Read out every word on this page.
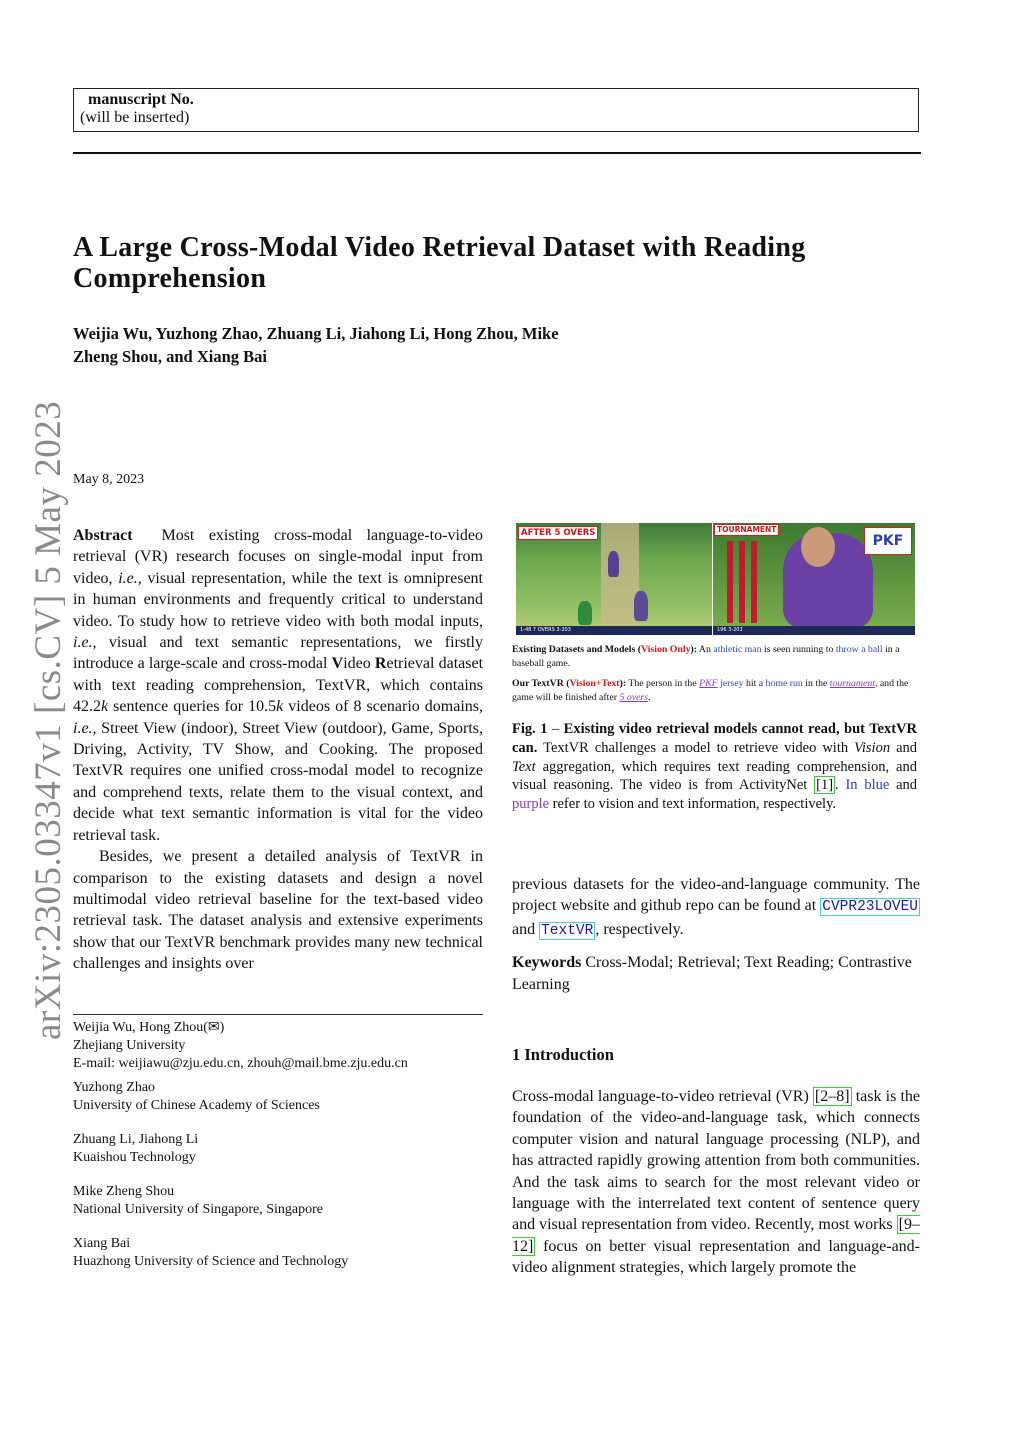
manuscript No.
(will be inserted)
A Large Cross-Modal Video Retrieval Dataset with Reading Comprehension
Weijia Wu, Yuzhong Zhao, Zhuang Li, Jiahong Li, Hong Zhou, Mike
Zheng Shou, and Xiang Bai
arXiv:2305.03347v1 [cs.CV] 5 May 2023 May 8, 2023

Abstract Most existing cross-modal language-to-video retrieval (VR) research focuses on single-modal input from video, i.e., visual representation, while the text is omnipresent in human environments and frequently critical to understand video. To study how to retrieve video with both modal inputs, i.e., visual and text semantic representations, we firstly introduce a large-scale and cross-modal Video Retrieval dataset with text reading comprehension, TextVR, which contains 42.2k sentence queries for 10.5k videos of 8 scenario domains, i.e., Street View (indoor), Street View (outdoor), Game, Sports, Driving, Activity, TV Show, and Cooking. The proposed TextVR requires one unified cross-modal model to recognize and comprehend texts, relate them to the visual context, and decide what text semantic information is vital for the video retrieval task.

Besides, we present a detailed analysis of TextVR in comparison to the existing datasets and design a novel multimodal video retrieval baseline for the text-based video retrieval task. The dataset analysis and extensive experiments show that our TextVR benchmark provides many new technical challenges and insights over

Weijia Wu, Hong Zhou(✉)
Zhejiang University
E-mail: weijiawu@zju.edu.cn, zhouh@mail.bme.zju.edu.cn
Yuzhong Zhao
University of Chinese Academy of Sciences
Zhuang Li, Jiahong Li
Kuaishou Technology
Mike Zheng Shou
National University of Singapore, Singapore
Xiang Bai
Huazhong University of Science and Technology
AFTER 5 OVERS
1-48 7 OVERS 3-203
TOURNAMENT
PKF
196 3-203
Existing Datasets and Models (Vision Only): An athletic man is seen running to throw a ball in a baseball game.
Our TextVR (Vision+Text): The person in the PKF jersey hit a home run in the tournament, and the game will be finished after 5 overs.
Fig. 1 – Existing video retrieval models cannot read, but TextVR can. TextVR challenges a model to retrieve video with Vision and Text aggregation, which requires text reading comprehension, and visual reasoning. The video is from ActivityNet [1] . In blue and purple refer to vision and text information, respectively.
previous datasets for the video-and-language community. The project website and github repo can be found at CVPR23LOVEU and TextVR , respectively.
Keywords Cross-Modal; Retrieval; Text Reading; Contrastive Learning
1 Introduction
Cross-modal language-to-video retrieval (VR) [2–8] task is the foundation of the video-and-language task, which connects computer vision and natural language processing (NLP), and has attracted rapidly growing attention from both communities. And the task aims to search for the most relevant video or language with the interrelated text content of sentence query and visual representation from video. Recently, most works [9–12] focus on better visual representation and language-and-video alignment strategies, which largely promote the
